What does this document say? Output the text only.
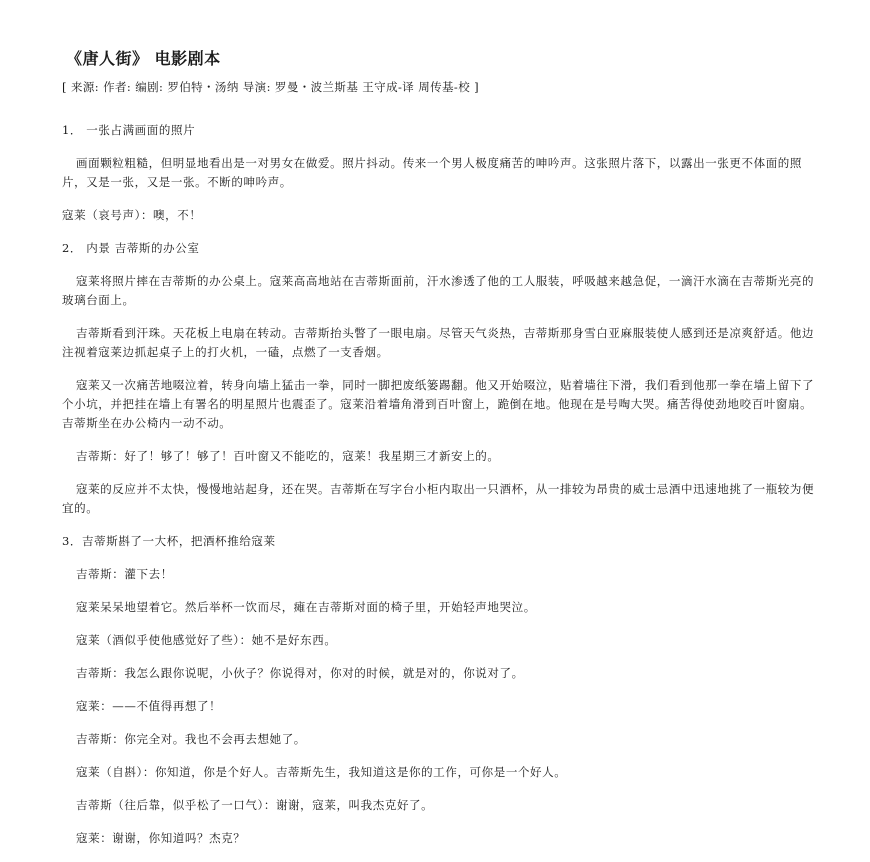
《唐人街》 电影剧本
[ 来源: 作者: 编剧: 罗伯特・汤纳 导演: 罗曼・波兰斯基 王守成-译 周传基-校 ]
1． 一张占满画面的照片
画面颗粒粗糙，但明显地看出是一对男女在做爱。照片抖动。传来一个男人极度痛苦的呻吟声。这张照片落下，以露出一张更不体面的照片，又是一张，又是一张。不断的呻吟声。
寇莱（哀号声）：噢，不！
2． 内景 吉蒂斯的办公室
寇莱将照片摔在吉蒂斯的办公桌上。寇莱高高地站在吉蒂斯面前，汗水渗透了他的工人服装，呼吸越来越急促，一滴汗水滴在吉蒂斯光亮的玻璃台面上。
吉蒂斯看到汗珠。天花板上电扇在转动。吉蒂斯抬头瞥了一眼电扇。尽管天气炎热，吉蒂斯那身雪白亚麻服装使人感到还是凉爽舒适。他边注视着寇莱边抓起桌子上的打火机，一磕，点燃了一支香烟。
寇莱又一次痛苦地啜泣着，转身向墙上猛击一拳，同时一脚把废纸篓踢翻。他又开始啜泣，贴着墙往下滑，我们看到他那一拳在墙上留下了个小坑，并把挂在墙上有署名的明星照片也震歪了。寇莱沿着墙角滑到百叶窗上，跪倒在地。他现在是号啕大哭。痛苦得使劲地咬百叶窗扇。吉蒂斯坐在办公椅内一动不动。
吉蒂斯：好了！够了！够了！百叶窗又不能吃的，寇莱！我星期三才新安上的。
寇莱的反应并不太快，慢慢地站起身，还在哭。吉蒂斯在写字台小柜内取出一只酒杯，从一排较为昂贵的威士忌酒中迅速地挑了一瓶较为便宜的。
3．吉蒂斯斟了一大杯，把酒杯推给寇莱
吉蒂斯：灌下去！
寇莱呆呆地望着它。然后举杯一饮而尽，瘫在吉蒂斯对面的椅子里，开始轻声地哭泣。
寇莱（酒似乎使他感觉好了些）：她不是好东西。
吉蒂斯：我怎么跟你说呢，小伙子？你说得对，你对的时候，就是对的，你说对了。
寇莱：——不值得再想了！
吉蒂斯：你完全对。我也不会再去想她了。
寇莱（自斟）：你知道，你是个好人。吉蒂斯先生，我知道这是你的工作，可你是一个好人。
吉蒂斯（往后靠，似乎松了一口气）：谢谢，寇莱，叫我杰克好了。
寇莱：谢谢，你知道吗？杰克？
